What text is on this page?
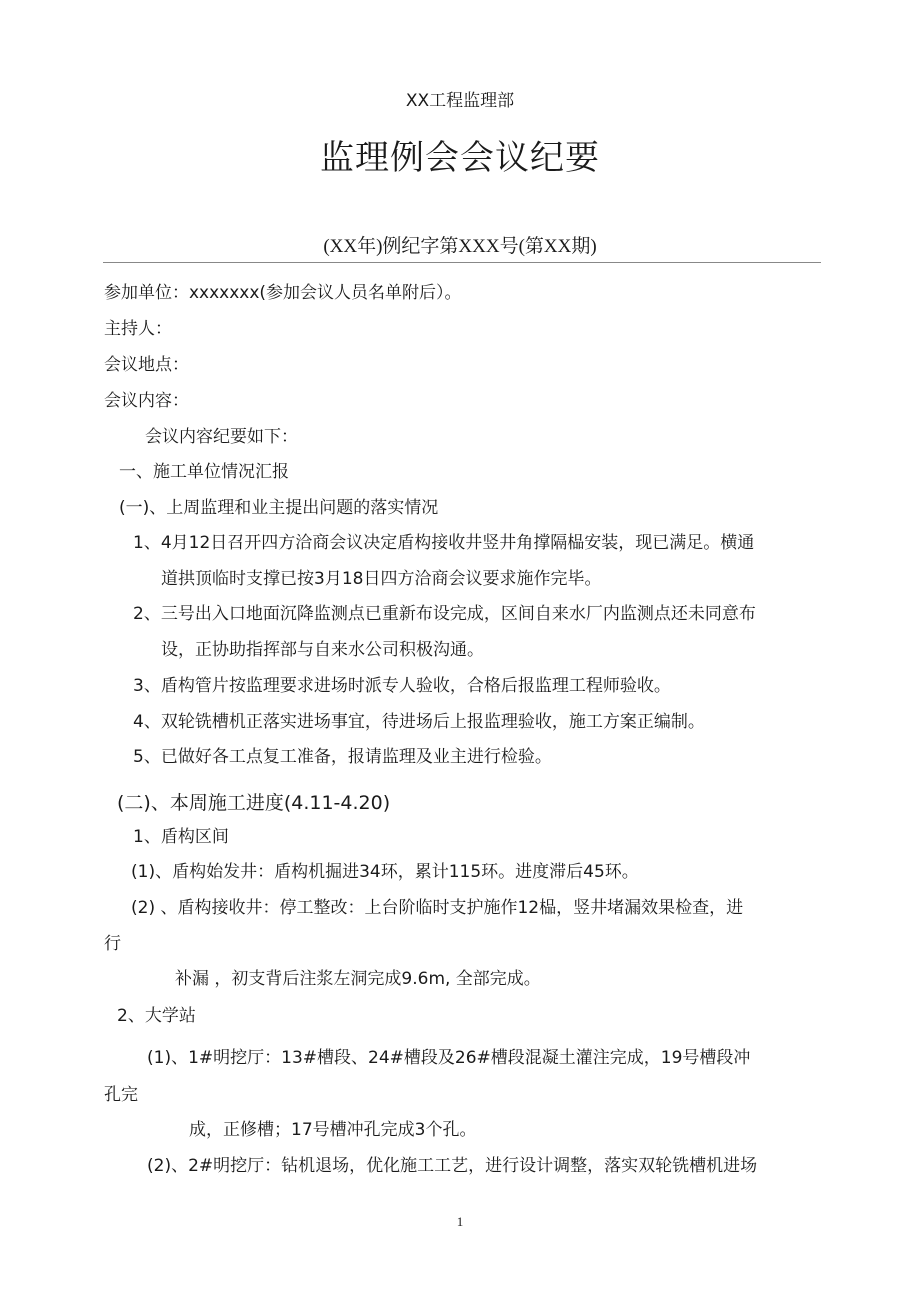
XX工程监理部
监理例会会议纪要
(XX年)例纪字第XXX号(第XX期)
参加单位：xxxxxxx(参加会议人员名单附后）。
主持人：
会议地点：
会议内容：
会议内容纪要如下：
一、施工单位情况汇报
(一)、上周监理和业主提出问题的落实情况
1、4月12日召开四方洽商会议决定盾构接收井竖井角撑隔榀安装，现已满足。横通
道拱顶临时支撑已按3月18日四方洽商会议要求施作完毕。
2、三号出入口地面沉降监测点已重新布设完成，区间自来水厂内监测点还未同意布
设，正协助指挥部与自来水公司积极沟通。
3、盾构管片按监理要求进场时派专人验收，合格后报监理工程师验收。
4、双轮铣槽机正落实进场事宜，待进场后上报监理验收，施工方案正编制。
5、已做好各工点复工准备，报请监理及业主进行检验。
(二)、本周施工进度(4.11-4.20)
1、盾构区间
(1)、盾构始发井：盾构机掘进34环，累计115环。进度滞后45环。
(2) 、盾构接收井：停工整改：上台阶临时支护施作12榀，竖井堵漏效果检查，进
行
补漏 ，初支背后注浆左洞完成9.6m, 全部完成。
2、大学站
(1)、1#明挖厅：13#槽段、24#槽段及26#槽段混凝土灌注完成，19号槽段冲
孔完
成，正修槽；17号槽冲孔完成3个孔。
(2)、2#明挖厅：钻机退场，优化施工工艺，进行设计调整，落实双轮铣槽机进场
1
